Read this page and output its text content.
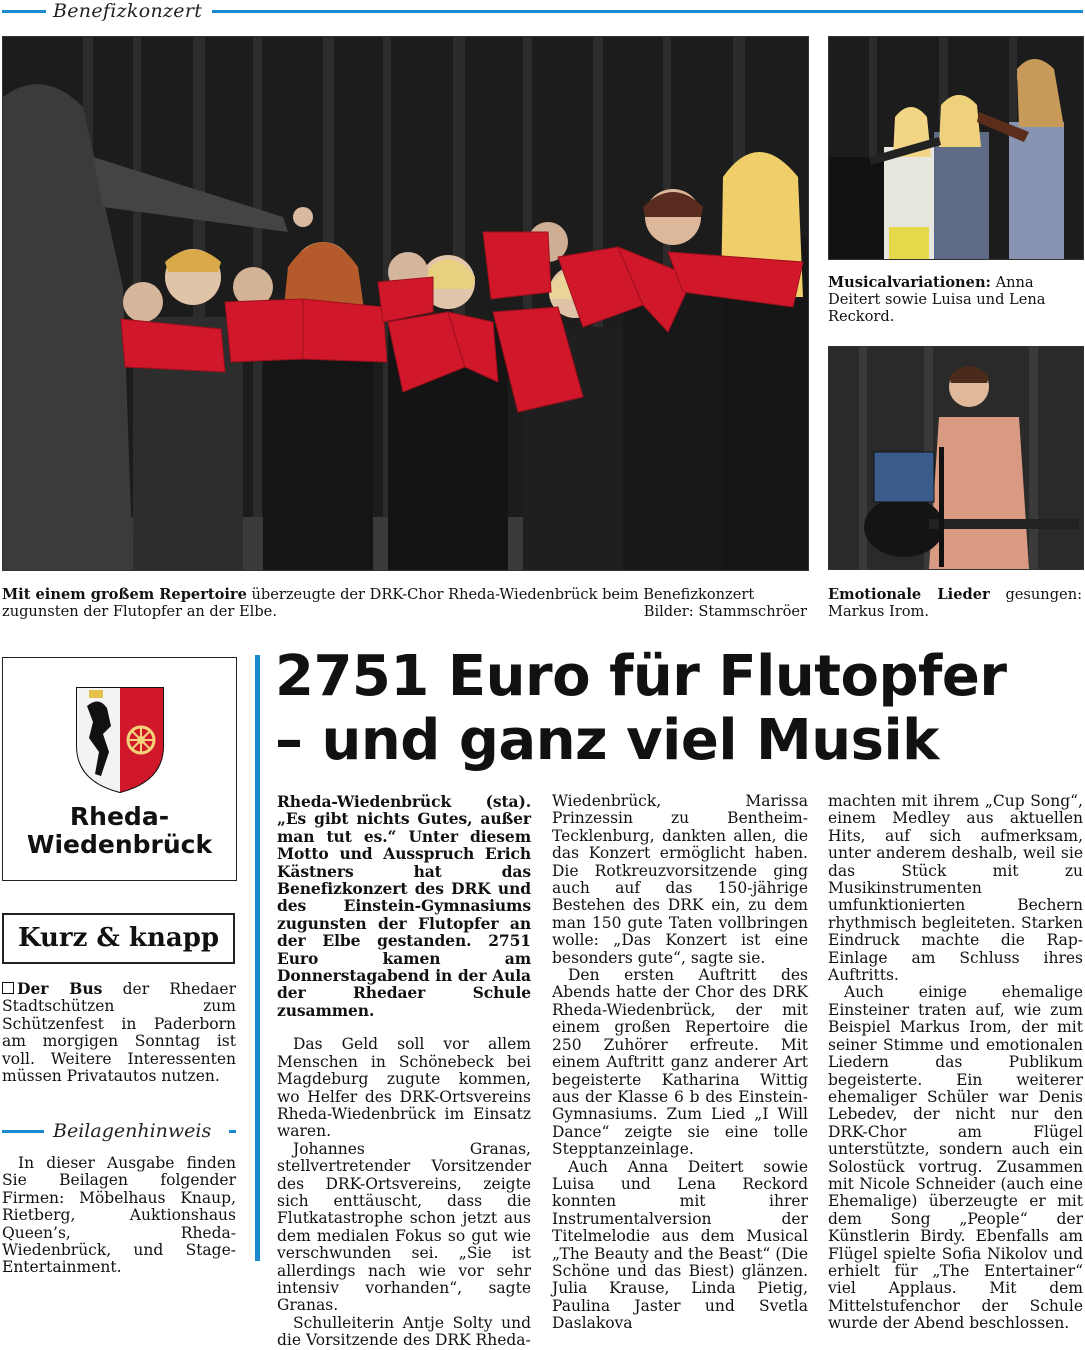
Benefizkonzert
Musicalvariationen: Anna Deitert sowie Luisa und Lena Reckord.
Emotionale Lieder gesungen: Markus Irom.
Mit einem großem Repertoire überzeugte der DRK-Chor Rheda-Wiedenbrück beim Benefizkonzert zugunsten der Flutopfer an der Elbe.	Bilder: Stammschröer
Rheda-
Wiedenbrück
Kurz & knapp

Der Bus der Rhedaer Stadtschützen zum Schützenfest in Paderborn am morgigen Sonntag ist voll. Weitere Interessenten müssen Privatautos nutzen.

Beilagenhinweis

In dieser Ausgabe finden Sie Beilagen folgender Firmen: Möbelhaus Knaup, Rietberg, Auktionshaus Queen’s, Rheda-Wiedenbrück, und Stage-Entertainment.

2751 Euro für Flutopfer
– und ganz viel Musik

Rheda-Wiedenbrück (sta). „Es gibt nichts Gutes, außer man tut es.“ Unter diesem Motto und Ausspruch Erich Kästners hat das Benefizkonzert des DRK und des Einstein-Gymnasiums zugunsten der Flutopfer an der Elbe gestanden. 2751 Euro kamen am Donnerstagabend in der Aula der Rhedaer Schule zusammen.

Das Geld soll vor allem Menschen in Schönebeck bei Magdeburg zugute kommen, wo Helfer des DRK-Ortsvereins Rheda-Wiedenbrück im Einsatz waren.

Johannes Granas, stellvertretender Vorsitzender des DRK-Ortsvereins, zeigte sich enttäuscht, dass die Flutkatastrophe schon jetzt aus dem medialen Fokus so gut wie verschwunden sei. „Sie ist allerdings nach wie vor sehr intensiv vorhanden“, sagte Granas.

Schulleiterin Antje Solty und die Vorsitzende des DRK Rheda-

Wiedenbrück, Marissa Prinzessin zu Bentheim-Tecklenburg, dankten allen, die das Konzert ermöglicht haben. Die Rotkreuzvorsitzende ging auch auf das 150-jährige Bestehen des DRK ein, zu dem man 150 gute Taten vollbringen wolle: „Das Konzert ist eine besonders gute“, sagte sie.

Den ersten Auftritt des Abends hatte der Chor des DRK Rheda-Wiedenbrück, der mit einem großen Repertoire die 250 Zuhörer erfreute. Mit einem Auftritt ganz anderer Art begeisterte Katharina Wittig aus der Klasse 6 b des Einstein-Gymnasiums. Zum Lied „I Will Dance“ zeigte sie eine tolle Stepptanzeinlage.

Auch Anna Deitert sowie Luisa und Lena Reckord konnten mit ihrer Instrumentalversion der Titelmelodie aus dem Musical „The Beauty and the Beast“ (Die Schöne und das Biest) glänzen. Julia Krause, Linda Pietig, Paulina Jaster und Svetla Daslakova

machten mit ihrem „Cup Song“, einem Medley aus aktuellen Hits, auf sich aufmerksam, unter anderem deshalb, weil sie das Stück mit zu Musikinstrumenten umfunktionierten Bechern rhythmisch begleiteten. Starken Eindruck machte die Rap-Einlage am Schluss ihres Auftritts.

Auch einige ehemalige Einsteiner traten auf, wie zum Beispiel Markus Irom, der mit seiner Stimme und emotionalen Liedern das Publikum begeisterte. Ein weiterer ehemaliger Schüler war Denis Lebedev, der nicht nur den DRK-Chor am Flügel unterstützte, sondern auch ein Solostück vortrug. Zusammen mit Nicole Schneider (auch eine Ehemalige) überzeugte er mit dem Song „People“ der Künstlerin Birdy. Ebenfalls am Flügel spielte Sofia Nikolov und erhielt für „The Entertainer“ viel Applaus. Mit dem Mittelstufenchor der Schule wurde der Abend beschlossen.
